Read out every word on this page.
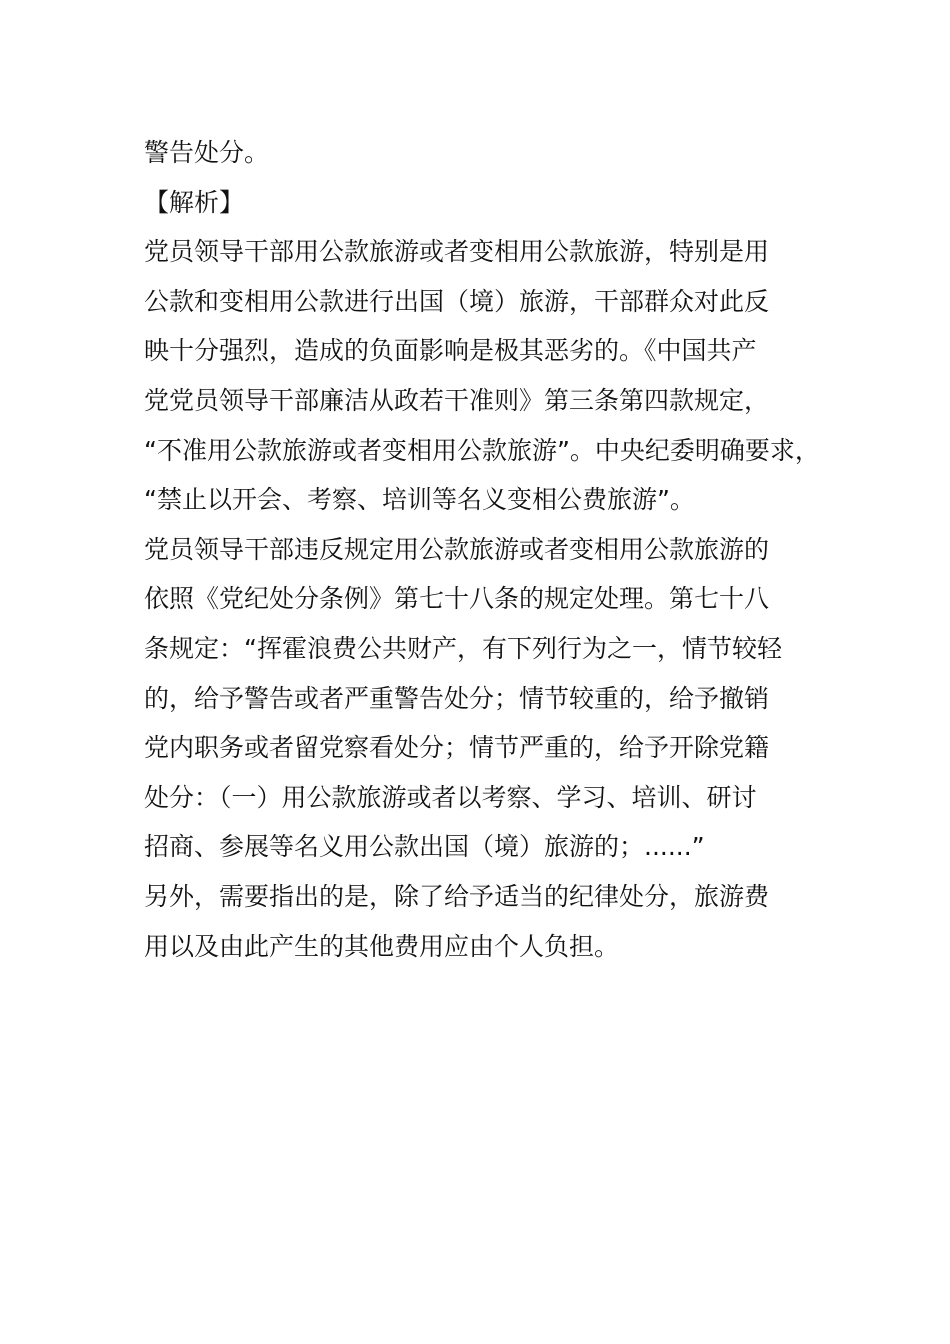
警告处分。
【解析】
党员领导干部用公款旅游或者变相用公款旅游，特别是用
公款和变相用公款进行出国（境）旅游，干部群众对此反
映十分强烈，造成的负面影响是极其恶劣的。《中国共产
党党员领导干部廉洁从政若干准则》第三条第四款规定，
“不准用公款旅游或者变相用公款旅游”。中央纪委明确要求，
“禁止以开会、考察、培训等名义变相公费旅游”。
党员领导干部违反规定用公款旅游或者变相用公款旅游的
依照《党纪处分条例》第七十八条的规定处理。第七十八
条规定：“挥霍浪费公共财产，有下列行为之一，情节较轻
的，给予警告或者严重警告处分；情节较重的，给予撤销
党内职务或者留党察看处分；情节严重的，给予开除党籍
处分：（一）用公款旅游或者以考察、学习、培训、研讨
招商、参展等名义用公款出国（境）旅游的；......”
另外，需要指出的是，除了给予适当的纪律处分，旅游费
用以及由此产生的其他费用应由个人负担。
